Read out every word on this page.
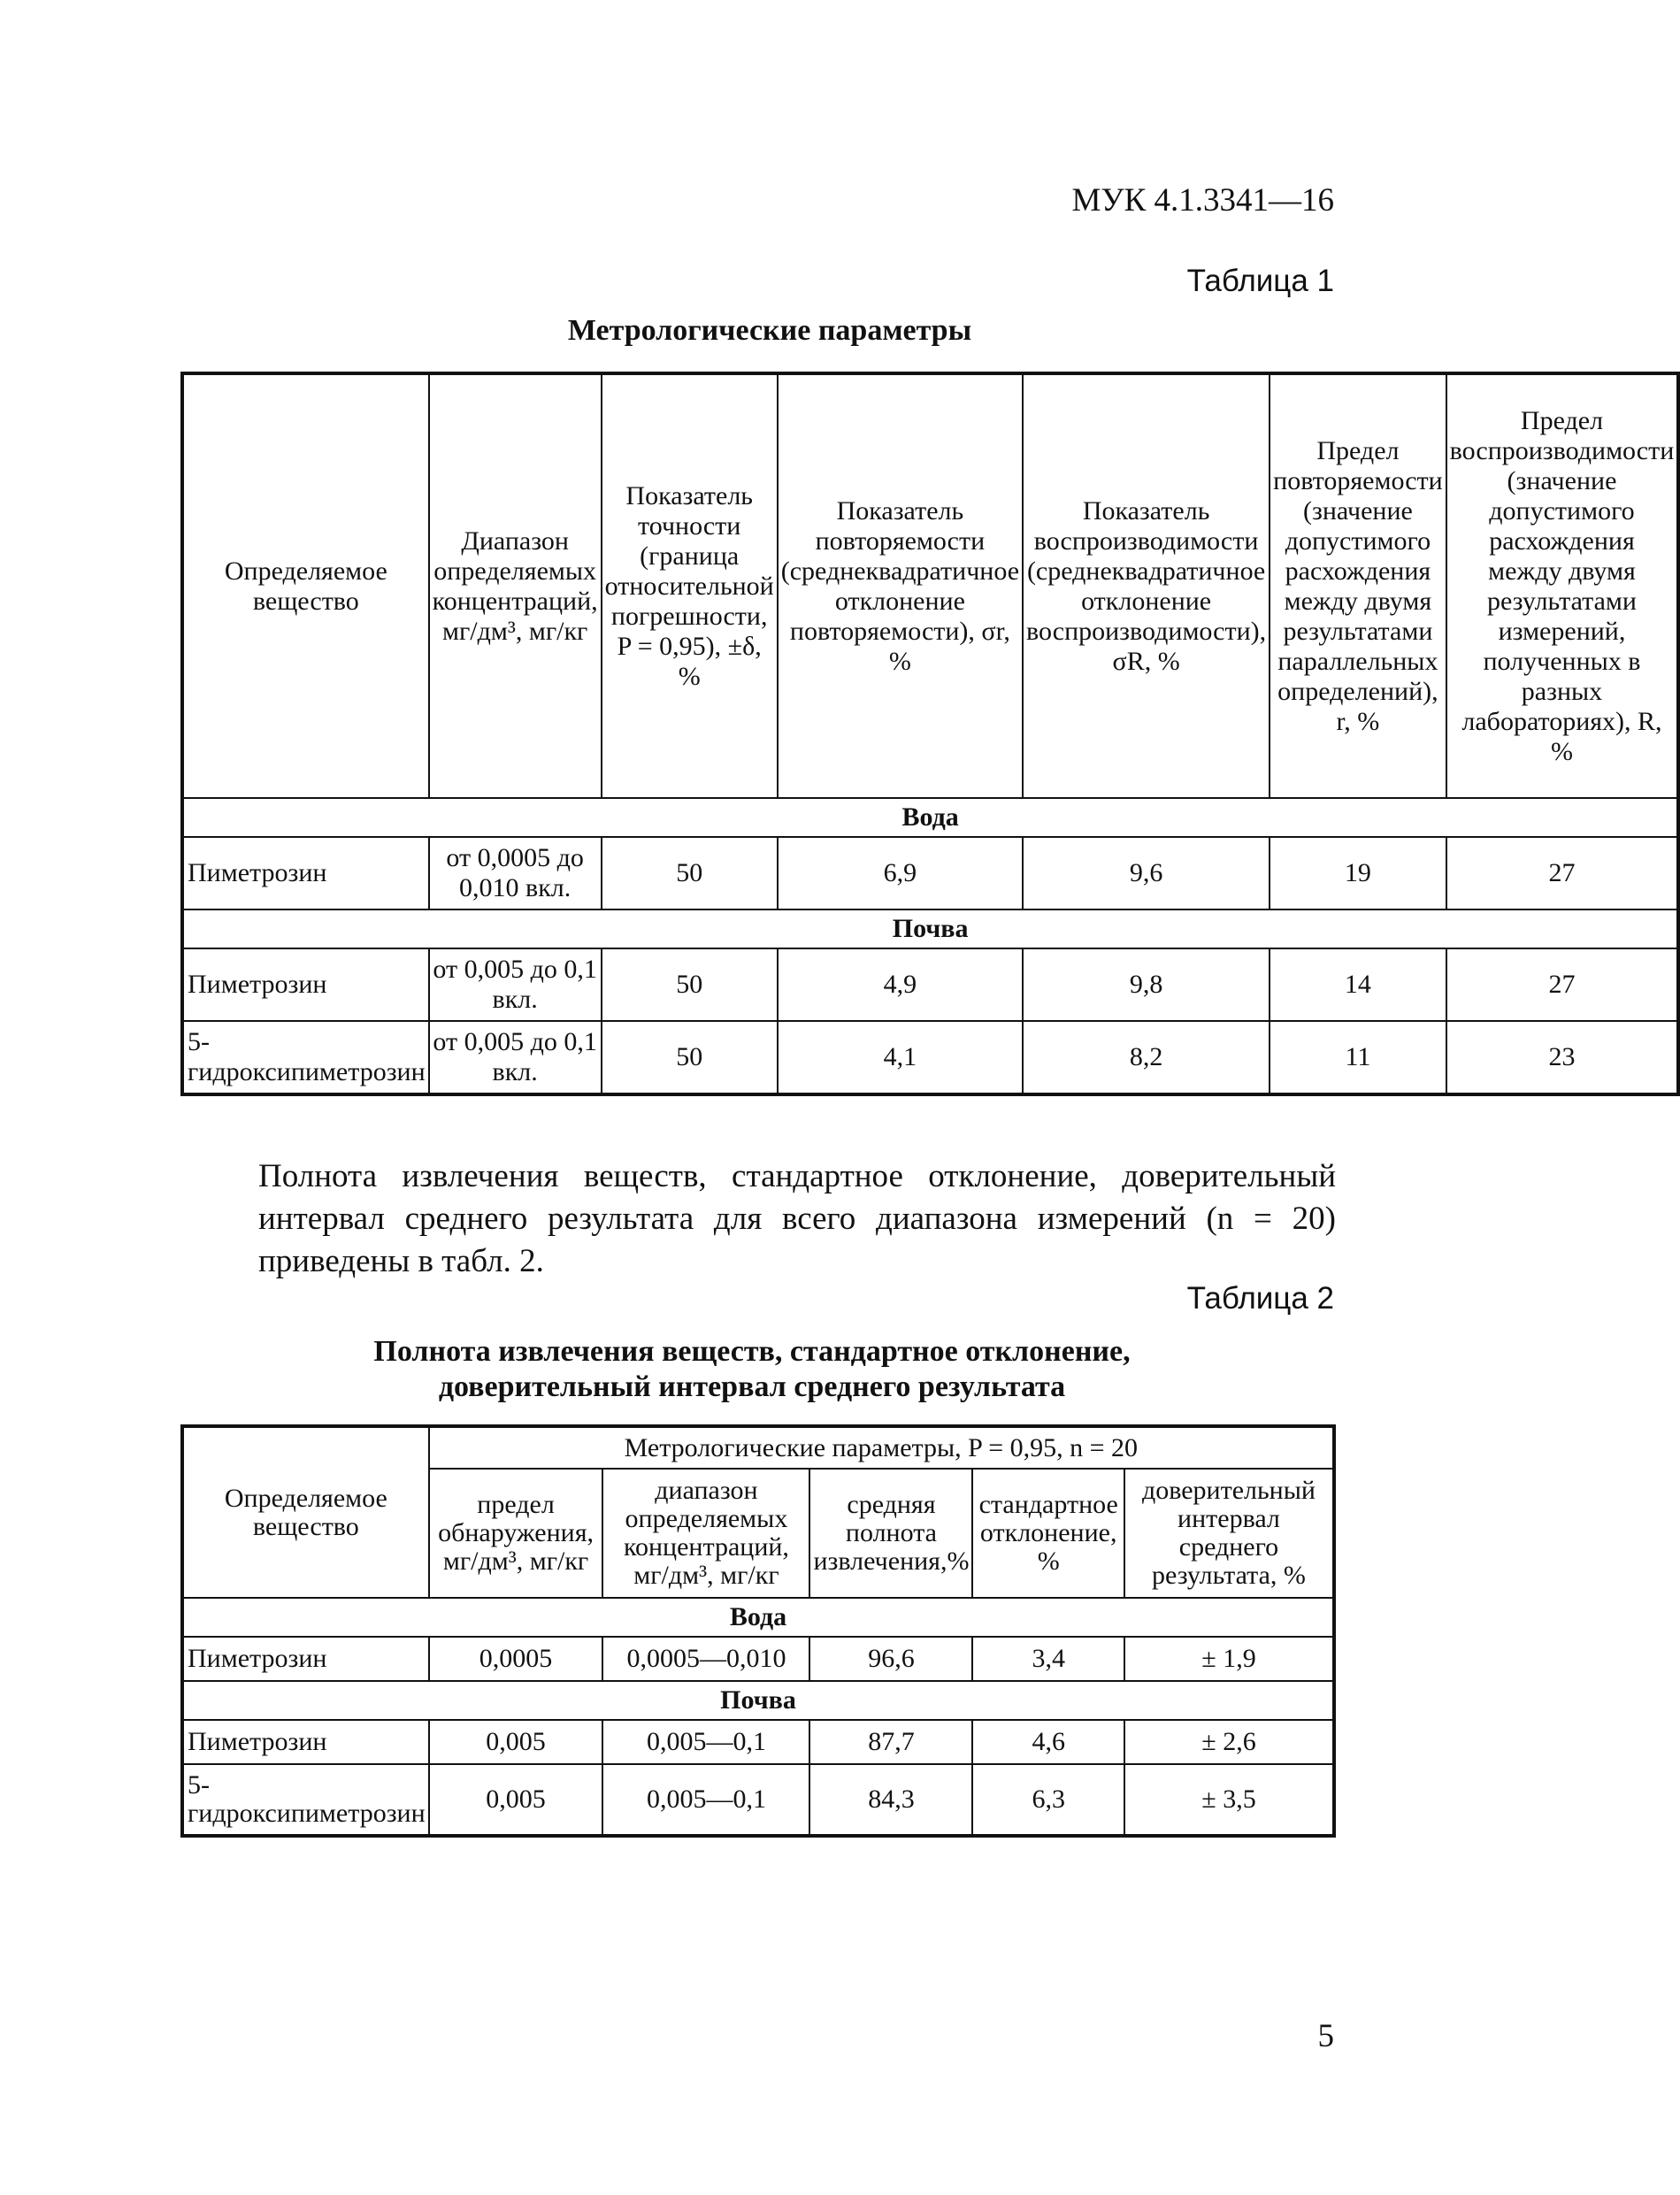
МУК 4.1.3341—16
Таблица 1
Метрологические параметры
Определяемое вещество	Диапазон определяемых концентраций, мг/дм³, мг/кг	Показатель точности (граница относительной погрешности, P = 0,95), ±δ, %	Показатель повторяемости (среднеквадратичное отклонение повторяемости), σr, %	Показатель воспроизводимости (среднеквадратичное отклонение воспроизводимости), σR, %	Предел повторяемости (значение допустимого расхождения между двумя результатами параллельных определений), r, %	Предел воспроизводимости (значение допустимого расхождения между двумя результатами измерений, полученных в разных лабораториях), R, %
Вода						
Пиметрозин	от 0,0005 до 0,010 вкл.	50	6,9	9,6	19	27
Почва						
Пиметрозин	от 0,005 до 0,1 вкл.	50	4,9	9,8	14	27
5-гидроксипиметрозин	от 0,005 до 0,1 вкл.	50	4,1	8,2	11	23

Полнота извлечения веществ, стандартное отклонение, доверительный интервал среднего результата для всего диапазона измерений (n = 20) приведены в табл. 2.

Таблица 2
Полнота извлечения веществ, стандартное отклонение,
доверительный интервал среднего результата
Определяемое вещество	Метрологические параметры, P = 0,95, n = 20				
	предел обнаружения, мг/дм³, мг/кг	диапазон определяемых концентраций, мг/дм³, мг/кг	средняя полнота извлечения,%	стандартное отклонение, %	доверительный интервал среднего результата, %
Вода					
Пиметрозин	0,0005	0,0005—0,010	96,6	3,4	± 1,9
Почва					
Пиметрозин	0,005	0,005—0,1	87,7	4,6	± 2,6
5-гидроксипиметрозин	0,005	0,005—0,1	84,3	6,3	± 3,5
5
